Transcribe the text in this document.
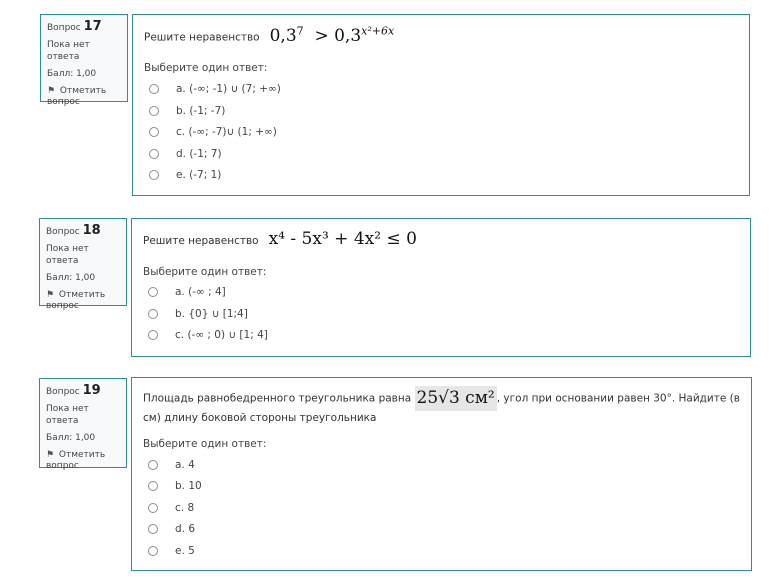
Вопрос 17
Пока нет ответа
Балл: 1,00
⚑ Отметить вопрос
Решите неравенство $0,3^7 > 0,3^{x^2+6x}$
Выберите один ответ:
a. (-∞; -1) ∪ (7; +∞)
b. (-1; -7)
c. (-∞; -7)∪ (1; +∞)
d. (-1; 7)
e. (-7; 1)
Вопрос 18
Пока нет ответа
Балл: 1,00
⚑ Отметить вопрос
Решите неравенство x⁴ - 5x³ + 4x² ≤ 0
Выберите один ответ:
a. (-∞ ; 4]
b. {0} ∪ [1;4]
c. (-∞ ; 0) ∪ [1; 4]
Вопрос 19
Пока нет ответа
Балл: 1,00
⚑ Отметить вопрос
Площадь равнобедренного треугольника равна 25√3 см² , угол при основании равен 30°. Найдите (в см) длину боковой стороны треугольника
Выберите один ответ:
a. 4
b. 10
c. 8
d. 6
e. 5
